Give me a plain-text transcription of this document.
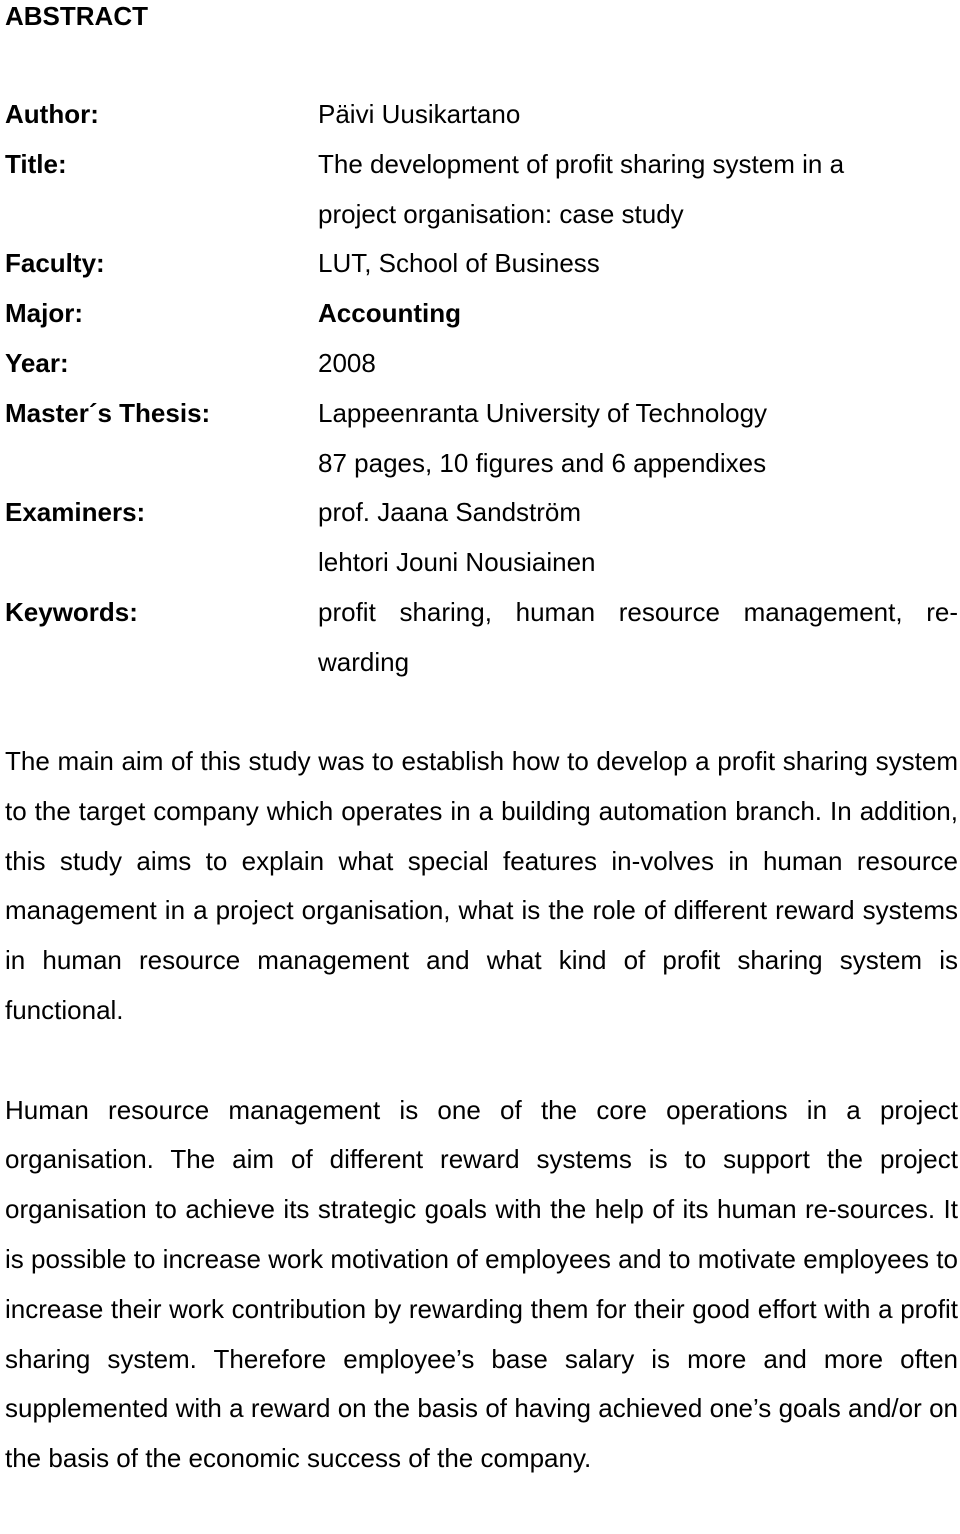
ABSTRACT
Author:	Päivi Uusikartano
Title:	The development of profit sharing system in a
project organisation: case study
Faculty:	LUT, School of Business
Major:	Accounting
Year:	2008
Master´s Thesis:	Lappeenranta University of Technology
87 pages, 10 figures and 6 appendixes
Examiners:	prof. Jaana Sandström
lehtori Jouni Nousiainen
Keywords:	profit sharing, human resource management, re-warding

The main aim of this study was to establish how to develop a profit sharing system to the target company which operates in a building automation branch. In addition, this study aims to explain what special features in-volves in human resource management in a project organisation, what is the role of different reward systems in human resource management and what kind of profit sharing system is functional.

Human resource management is one of the core operations in a project organisation. The aim of different reward systems is to support the project organisation to achieve its strategic goals with the help of its human re-sources. It is possible to increase work motivation of employees and to motivate employees to increase their work contribution by rewarding them for their good effort with a profit sharing system. Therefore employee’s base salary is more and more often supplemented with a reward on the basis of having achieved one’s goals and/or on the basis of the economic success of the company.
